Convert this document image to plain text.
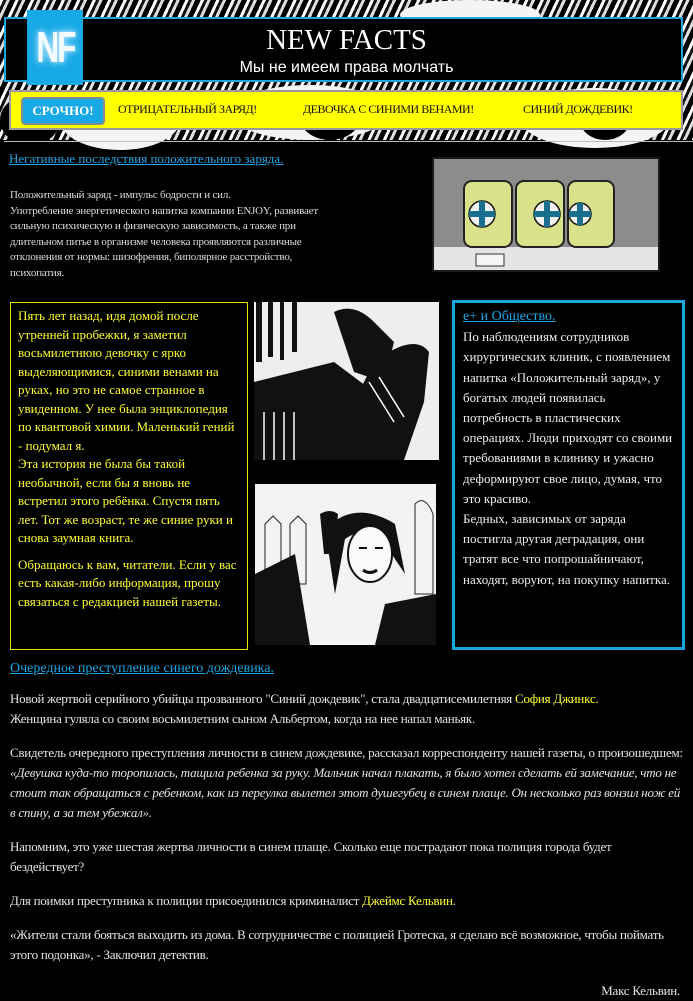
NF	NEW FACTS
Мы не имеем права молчать
СРОЧНО!	ОТРИЦАТЕЛЬНЫЙ ЗАРЯД!	ДЕВОЧКА С СИНИМИ ВЕНАМИ!	СИНИЙ ДОЖДЕВИК!
Негативные последствия положительного заряда.
Положительный заряд - импульс бодрости и сил.
Употребление энергетического напитка компании ENJOY, развивает
сильную психическую и физическую зависимость, а также при
длительном питье в организме человека проявляются различные
отклонения от нормы: шизофрения, биполярное расстройство,
психопатия.

Пять лет назад, идя домой после утренней пробежки, я заметил восьмилетнюю девочку с ярко выделяющимися, синими венами на руках, но это не самое странное в увиденном. У нее была энциклопедия по квантовой химии. Маленький гений - подумал я.
Эта история не была бы такой необычной, если бы я вновь не встретил этого ребёнка. Спустя пять лет. Тот же возраст, те же синие руки и снова заумная книга.

Обращаюсь к вам, читатели. Если у вас есть какая-либо информация, прошу связаться с редакцией нашей газеты.

e+ и Общество.
По наблюдениям сотрудников хирургических клиник, с появлением напитка «Положительный заряд», у богатых людей появилась потребность в пластических операциях. Люди приходят со своими требованиями в клинику и ужасно деформируют свое лицо, думая, что это красиво.
Бедных, зависимых от заряда постигла другая деградация, они тратят все что попрошайничают, находят, воруют, на покупку напитка.
Очередное преступление синего дождевика.

Новой жертвой серийного убийцы прозванного "Синий дождевик", стала двадцатисемилетняя София Джинкс.
Женщина гуляла со своим восьмилетним сыном Альбертом, когда на нее напал маньяк.

Свидетель очередного преступления личности в синем дождевике, рассказал корреспонденту нашей газеты, о произошедшем: «Девушка куда-то торопилась, тащила ребенка за руку. Мальчик начал плакать, я было хотел сделать ей замечание, что не стоит так обращаться с ребенком, как из переулка вылетел этот душегубец в синем плаще. Он несколько раз вонзил нож ей в спину, а за тем убежал».

Напомним, это уже шестая жертва личности в синем плаще. Сколько еще пострадают пока полиция города будет бездействует?

Для поимки преступника к полиции присоединился криминалист Джеймс Кельвин.

«Жители стали бояться выходить из дома. В сотрудничестве с полицией Гротеска, я сделаю всё возможное, чтобы поймать этого подонка», - Заключил детектив.

Макс Кельвин.
